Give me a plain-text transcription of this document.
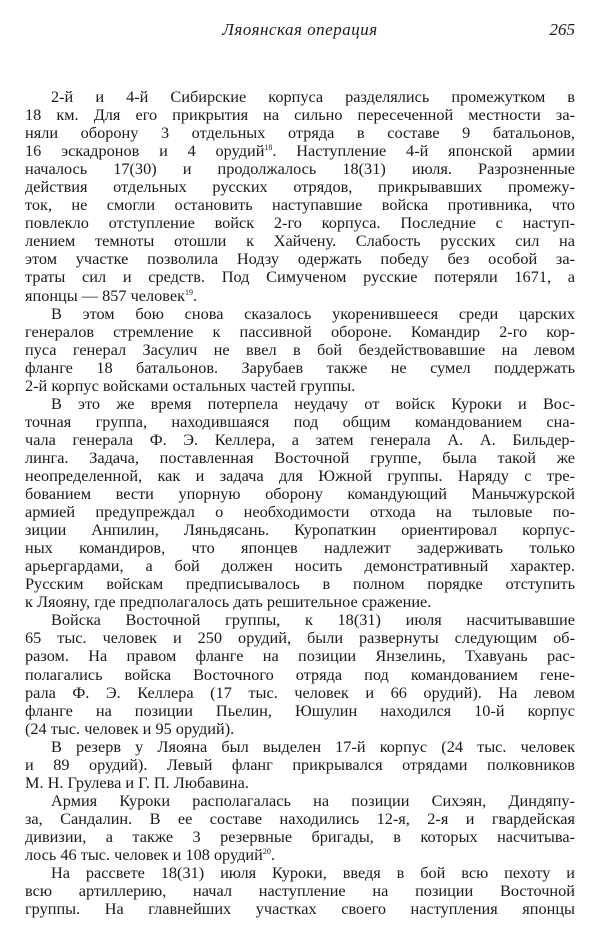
Ляоянская операция	265
2-й и 4-й Сибирские корпуса разделялись промежутком в
18 км. Для его прикрытия на сильно пересеченной местности за-
няли оборону 3 отдельных отряда в составе 9 батальонов,
16 эскадронов и 4 орудий$^{18}$. Наступление 4-й японской армии
началось 17(30) и продолжалось 18(31) июля. Разрозненные
действия отдельных русских отрядов, прикрывавших промежу-
ток, не смогли остановить наступавшие войска противника, что
повлекло отступление войск 2-го корпуса. Последние с наступ-
лением темноты отошли к Хайчену. Слабость русских сил на
этом участке позволила Нодзу одержать победу без особой за-
траты сил и средств. Под Симученом русские потеряли 1671, а
японцы — 857 человек$^{19}$.
В этом бою снова сказалось укоренившееся среди царских
генералов стремление к пассивной обороне. Командир 2-го кор-
пуса генерал Засулич не ввел в бой бездействовавшие на левом
фланге 18 батальонов. Зарубаев также не сумел поддержать
2-й корпус войсками остальных частей группы.
В это же время потерпела неудачу от войск Куроки и Вос-
точная группа, находившаяся под общим командованием сна-
чала генерала Ф. Э. Келлера, а затем генерала А. А. Бильдер-
линга. Задача, поставленная Восточной группе, была такой же
неопределенной, как и задача для Южной группы. Наряду с тре-
бованием вести упорную оборону командующий Маньчжурской
армией предупреждал о необходимости отхода на тыловые по-
зиции Анпилин, Ляньдясань. Куропаткин ориентировал корпус-
ных командиров, что японцев надлежит задерживать только
арьергардами, а бой должен носить демонстративный характер.
Русским войскам предписывалось в полном порядке отступить
к Ляояну, где предполагалось дать решительное сражение.
Войска Восточной группы, к 18(31) июля насчитывавшие
65 тыс. человек и 250 орудий, были развернуты следующим об-
разом. На правом фланге на позиции Янзелинь, Тхавуань рас-
полагались войска Восточного отряда под командованием гене-
рала Ф. Э. Келлера (17 тыс. человек и 66 орудий). На левом
фланге на позиции Пьелин, Юшулин находился 10-й корпус
(24 тыс. человек и 95 орудий).
В резерв у Ляояна был выделен 17-й корпус (24 тыс. человек
и 89 орудий). Левый фланг прикрывался отрядами полковников
М. Н. Грулева и Г. П. Любавина.
Армия Куроки располагалась на позиции Сихэян, Диндяпу-
за, Сандалин. В ее составе находились 12-я, 2-я и гвардейская
дивизии, а также 3 резервные бригады, в которых насчитыва-
лось 46 тыс. человек и 108 орудий$^{20}$.
На рассвете 18(31) июля Куроки, введя в бой всю пехоту и
всю артиллерию, начал наступление на позиции Восточной
группы. На главнейших участках своего наступления японцы
